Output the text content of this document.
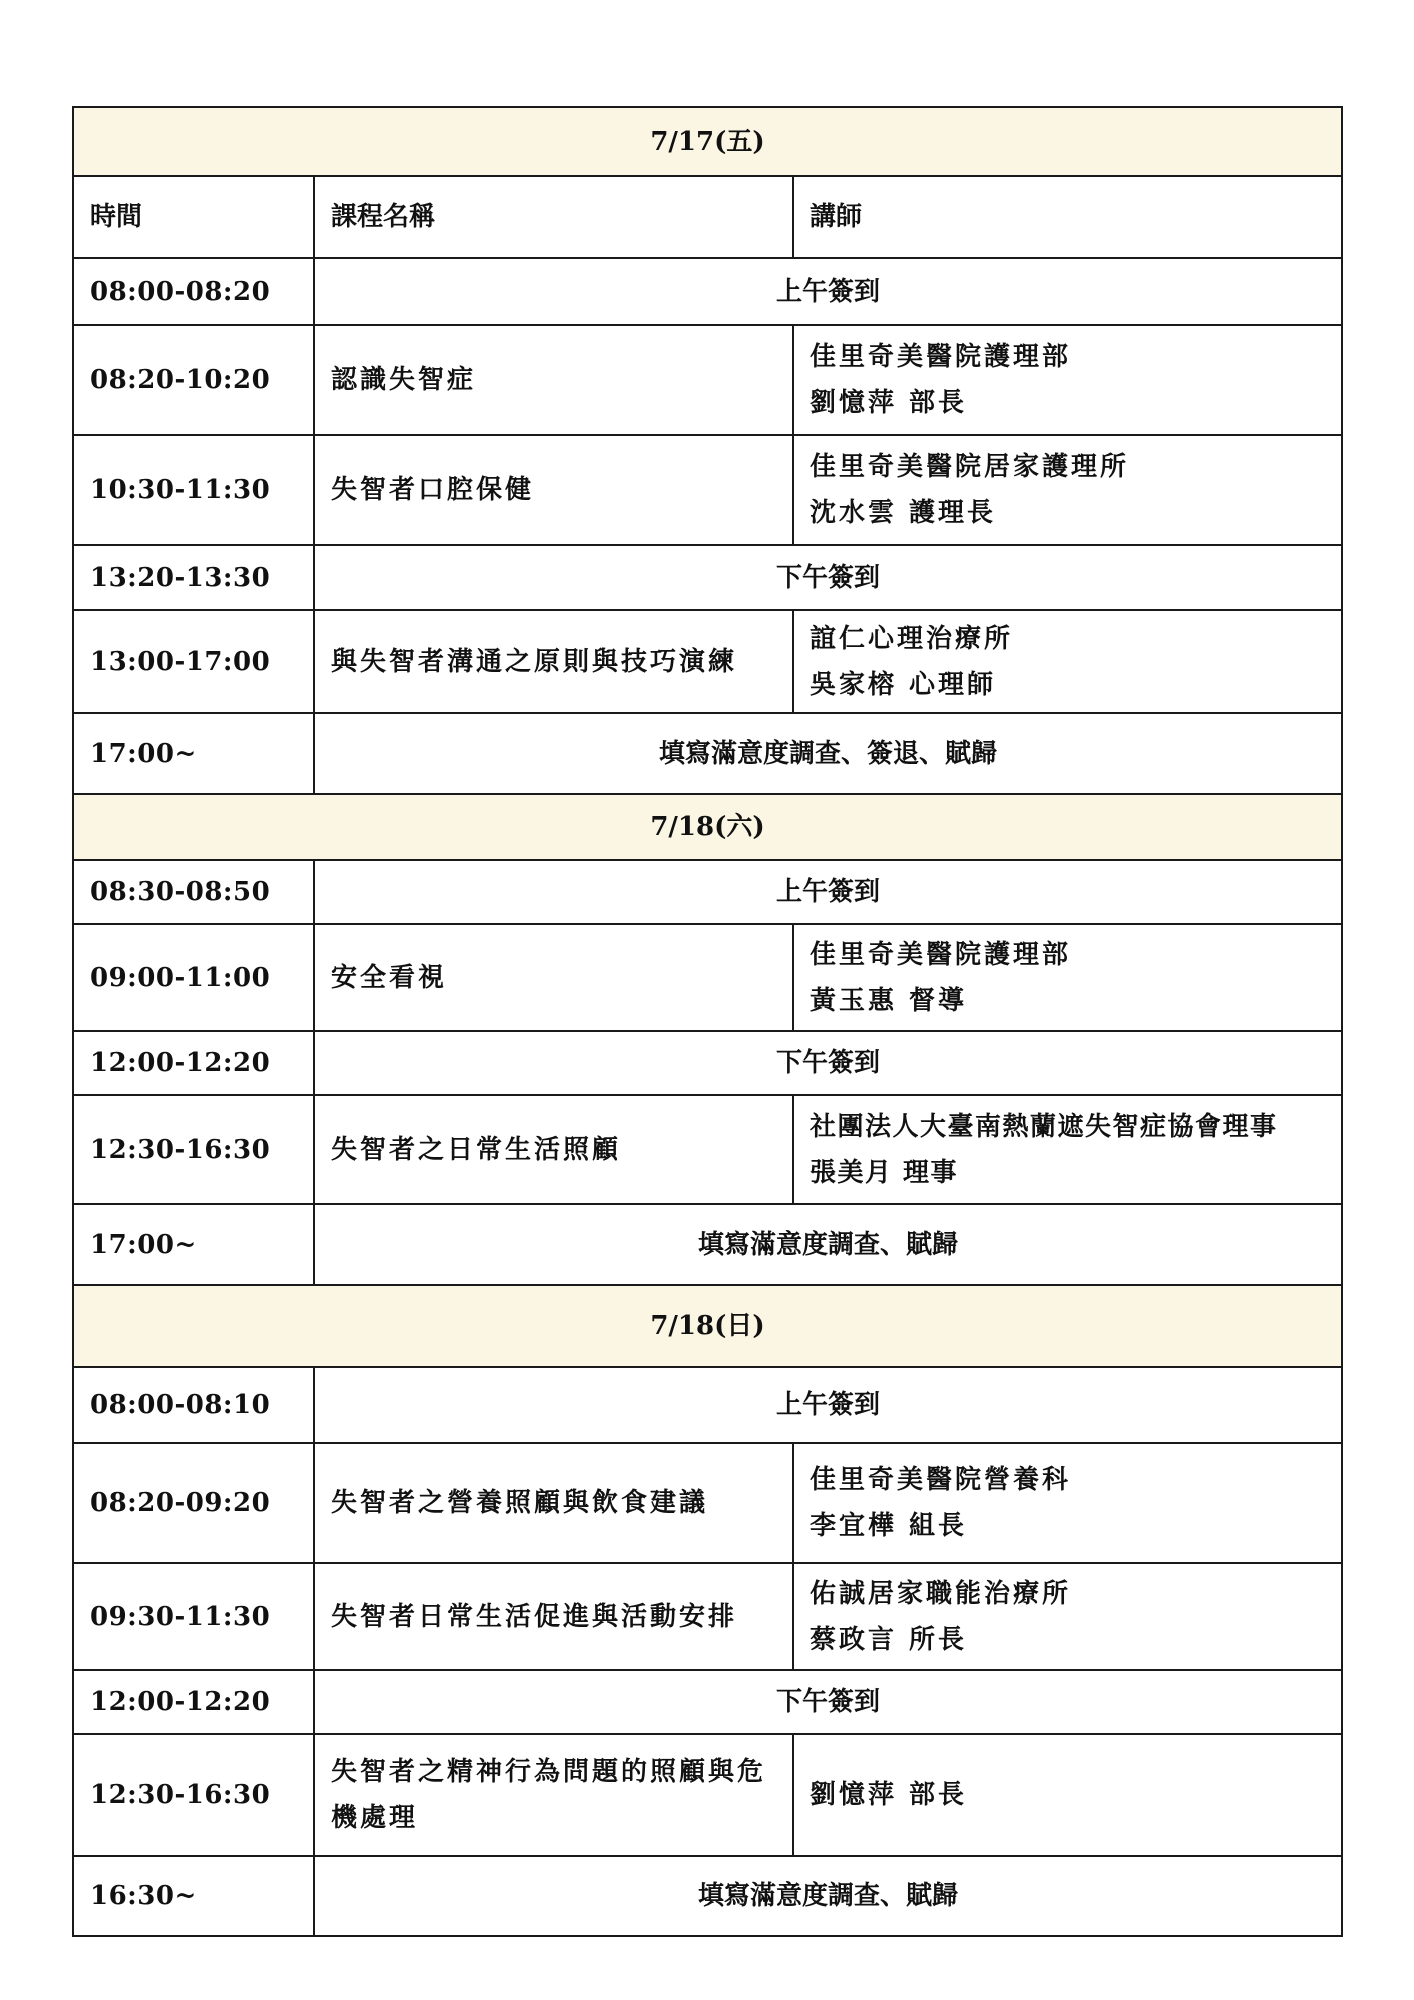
7/17(五)		
時間	課程名稱	講師
08:00-08:20	上午簽到	
08:20-10:20	認識失智症	佳里奇美醫院護理部
劉憶萍 部長

10:30-11:30	失智者口腔保健	佳里奇美醫院居家護理所
沈水雲 護理長

13:20-13:30	下午簽到	
13:00-17:00	與失智者溝通之原則與技巧演練	誼仁心理治療所
吳家榕 心理師

17:00~	填寫滿意度調查、簽退、賦歸	
7/18(六)		
08:30-08:50	上午簽到	
09:00-11:00	安全看視	佳里奇美醫院護理部
黃玉惠 督導

12:00-12:20	下午簽到	
12:30-16:30	失智者之日常生活照顧	社團法人大臺南熱蘭遮失智症協會理事
張美月 理事

17:00~	填寫滿意度調查、賦歸	
7/18(日)		
08:00-08:10	上午簽到	
08:20-09:20	失智者之營養照顧與飲食建議	佳里奇美醫院營養科
李宜樺 組長

09:30-11:30	失智者日常生活促進與活動安排	佑誠居家職能治療所
蔡政言 所長

12:00-12:20	下午簽到	
12:30-16:30	失智者之精神行為問題的照顧與危
機處理	劉憶萍 部長

16:30~	填寫滿意度調查、賦歸	
